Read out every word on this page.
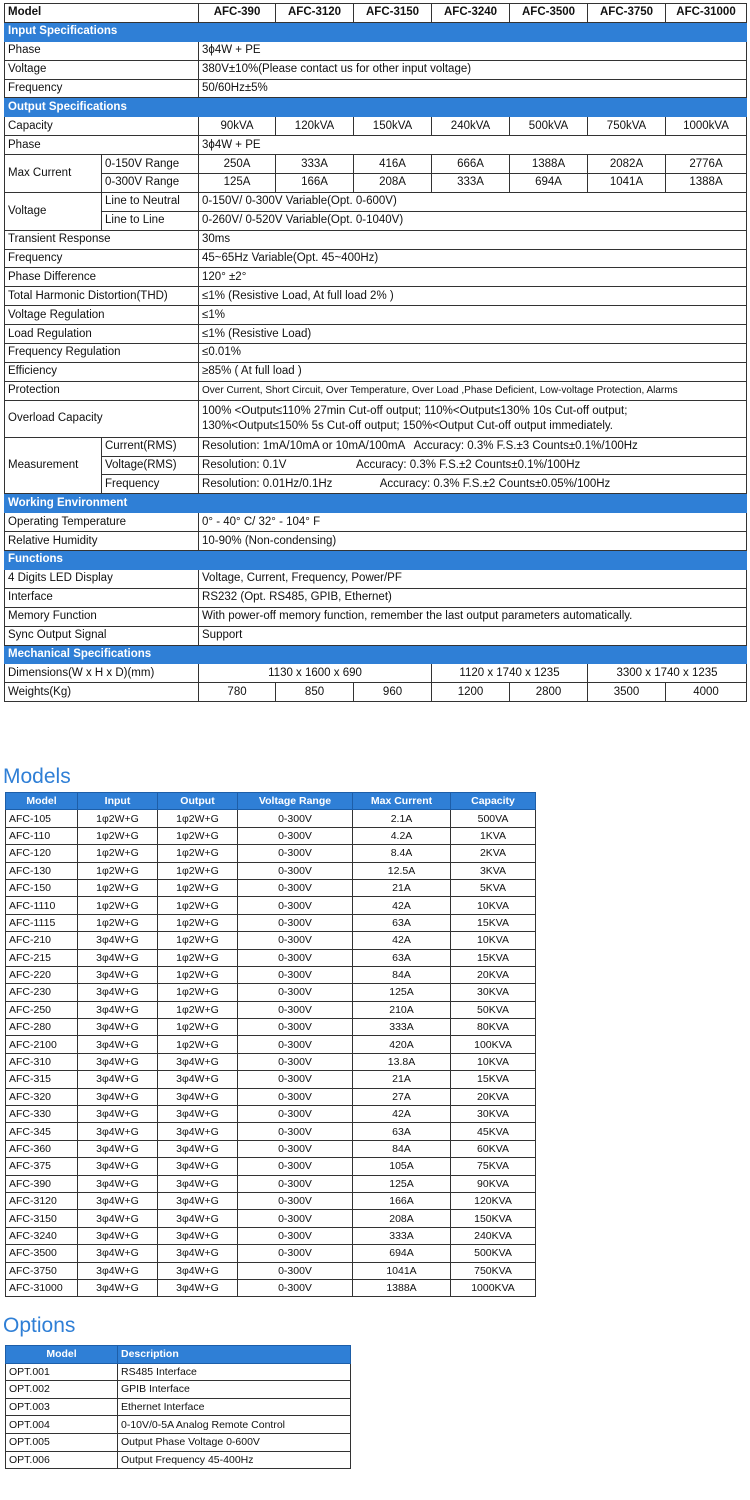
Model		AFC-390	AFC-3120	AFC-3150	AFC-3240	AFC-3500	AFC-3750	AFC-31000
Input Specifications								
Phase		3ϕ4W + PE						
Voltage		380V±10%(Please contact us for other input voltage)						
Frequency		50/60Hz±5%						
Output Specifications								
Capacity		90kVA	120kVA	150kVA	240kVA	500kVA	750kVA	1000kVA
Phase		3ϕ4W + PE						
Max Current	0-150V Range	250A	333A	416A	666A	1388A	2082A	2776A
	0-300V Range	125A	166A	208A	333A	694A	1041A	1388A
Voltage	Line to Neutral	0-150V/ 0-300V Variable(Opt. 0-600V)						
	Line to Line	0-260V/ 0-520V Variable(Opt. 0-1040V)						
Transient Response		30ms						
Frequency		45~65Hz Variable(Opt. 45~400Hz)						
Phase Difference		120° ±2°						
Total Harmonic Distortion(THD)		≤1% (Resistive Load, At full load 2% )						
Voltage Regulation		≤1%						
Load Regulation		≤1% (Resistive Load)						
Frequency Regulation		≤0.01%						
Efficiency		≥85% ( At full load )						
Protection		Over Current, Short Circuit, Over Temperature, Over Load ,Phase Deficient, Low-voltage Protection, Alarms						
Overload Capacity		100% <Output≤110% 27min Cut-off output; 110%<Output≤130% 10s Cut-off output;
130%<Output≤150% 5s Cut-off output; 150%<Output Cut-off output immediately.						

Measurement	Current(RMS)	Resolution: 1mA/10mA or 10mA/100mA   Accuracy: 0.3% F.S.±3 Counts±0.1%/100Hz						
	Voltage(RMS)	Resolution: 0.1V                      Accuracy: 0.3% F.S.±2 Counts±0.1%/100Hz						
	Frequency	Resolution: 0.01Hz/0.1Hz               Accuracy: 0.3% F.S.±2 Counts±0.05%/100Hz						
Working Environment								
Operating Temperature		0° - 40° C/ 32° - 104° F						
Relative Humidity		10-90% (Non-condensing)						
Functions								
4 Digits LED Display		Voltage, Current, Frequency, Power/PF						
Interface		RS232 (Opt. RS485, GPIB, Ethernet)						
Memory Function		With power-off memory function, remember the last output parameters automatically.						
Sync Output Signal		Support						
Mechanical Specifications								
Dimensions(W x H x D)(mm)		1130 x 1600 x 690			1120 x 1740 x 1235		3300 x 1740 x 1235	
Weights(Kg)		780	850	960	1200	2800	3500	4000
Models
Model	Input	Output	Voltage Range	Max Current	Capacity
AFC-105	1φ2W+G	1φ2W+G	0-300V	2.1A	500VA
AFC-110	1φ2W+G	1φ2W+G	0-300V	4.2A	1KVA
AFC-120	1φ2W+G	1φ2W+G	0-300V	8.4A	2KVA
AFC-130	1φ2W+G	1φ2W+G	0-300V	12.5A	3KVA
AFC-150	1φ2W+G	1φ2W+G	0-300V	21A	5KVA
AFC-1110	1φ2W+G	1φ2W+G	0-300V	42A	10KVA
AFC-1115	1φ2W+G	1φ2W+G	0-300V	63A	15KVA
AFC-210	3φ4W+G	1φ2W+G	0-300V	42A	10KVA
AFC-215	3φ4W+G	1φ2W+G	0-300V	63A	15KVA
AFC-220	3φ4W+G	1φ2W+G	0-300V	84A	20KVA
AFC-230	3φ4W+G	1φ2W+G	0-300V	125A	30KVA
AFC-250	3φ4W+G	1φ2W+G	0-300V	210A	50KVA
AFC-280	3φ4W+G	1φ2W+G	0-300V	333A	80KVA
AFC-2100	3φ4W+G	1φ2W+G	0-300V	420A	100KVA
AFC-310	3φ4W+G	3φ4W+G	0-300V	13.8A	10KVA
AFC-315	3φ4W+G	3φ4W+G	0-300V	21A	15KVA
AFC-320	3φ4W+G	3φ4W+G	0-300V	27A	20KVA
AFC-330	3φ4W+G	3φ4W+G	0-300V	42A	30KVA
AFC-345	3φ4W+G	3φ4W+G	0-300V	63A	45KVA
AFC-360	3φ4W+G	3φ4W+G	0-300V	84A	60KVA
AFC-375	3φ4W+G	3φ4W+G	0-300V	105A	75KVA
AFC-390	3φ4W+G	3φ4W+G	0-300V	125A	90KVA
AFC-3120	3φ4W+G	3φ4W+G	0-300V	166A	120KVA
AFC-3150	3φ4W+G	3φ4W+G	0-300V	208A	150KVA
AFC-3240	3φ4W+G	3φ4W+G	0-300V	333A	240KVA
AFC-3500	3φ4W+G	3φ4W+G	0-300V	694A	500KVA
AFC-3750	3φ4W+G	3φ4W+G	0-300V	1041A	750KVA
AFC-31000	3φ4W+G	3φ4W+G	0-300V	1388A	1000KVA
Options
Model	Description
OPT.001	RS485 Interface
OPT.002	GPIB Interface
OPT.003	Ethernet Interface
OPT.004	0-10V/0-5A Analog Remote Control
OPT.005	Output Phase Voltage 0-600V
OPT.006	Output Frequency 45-400Hz
